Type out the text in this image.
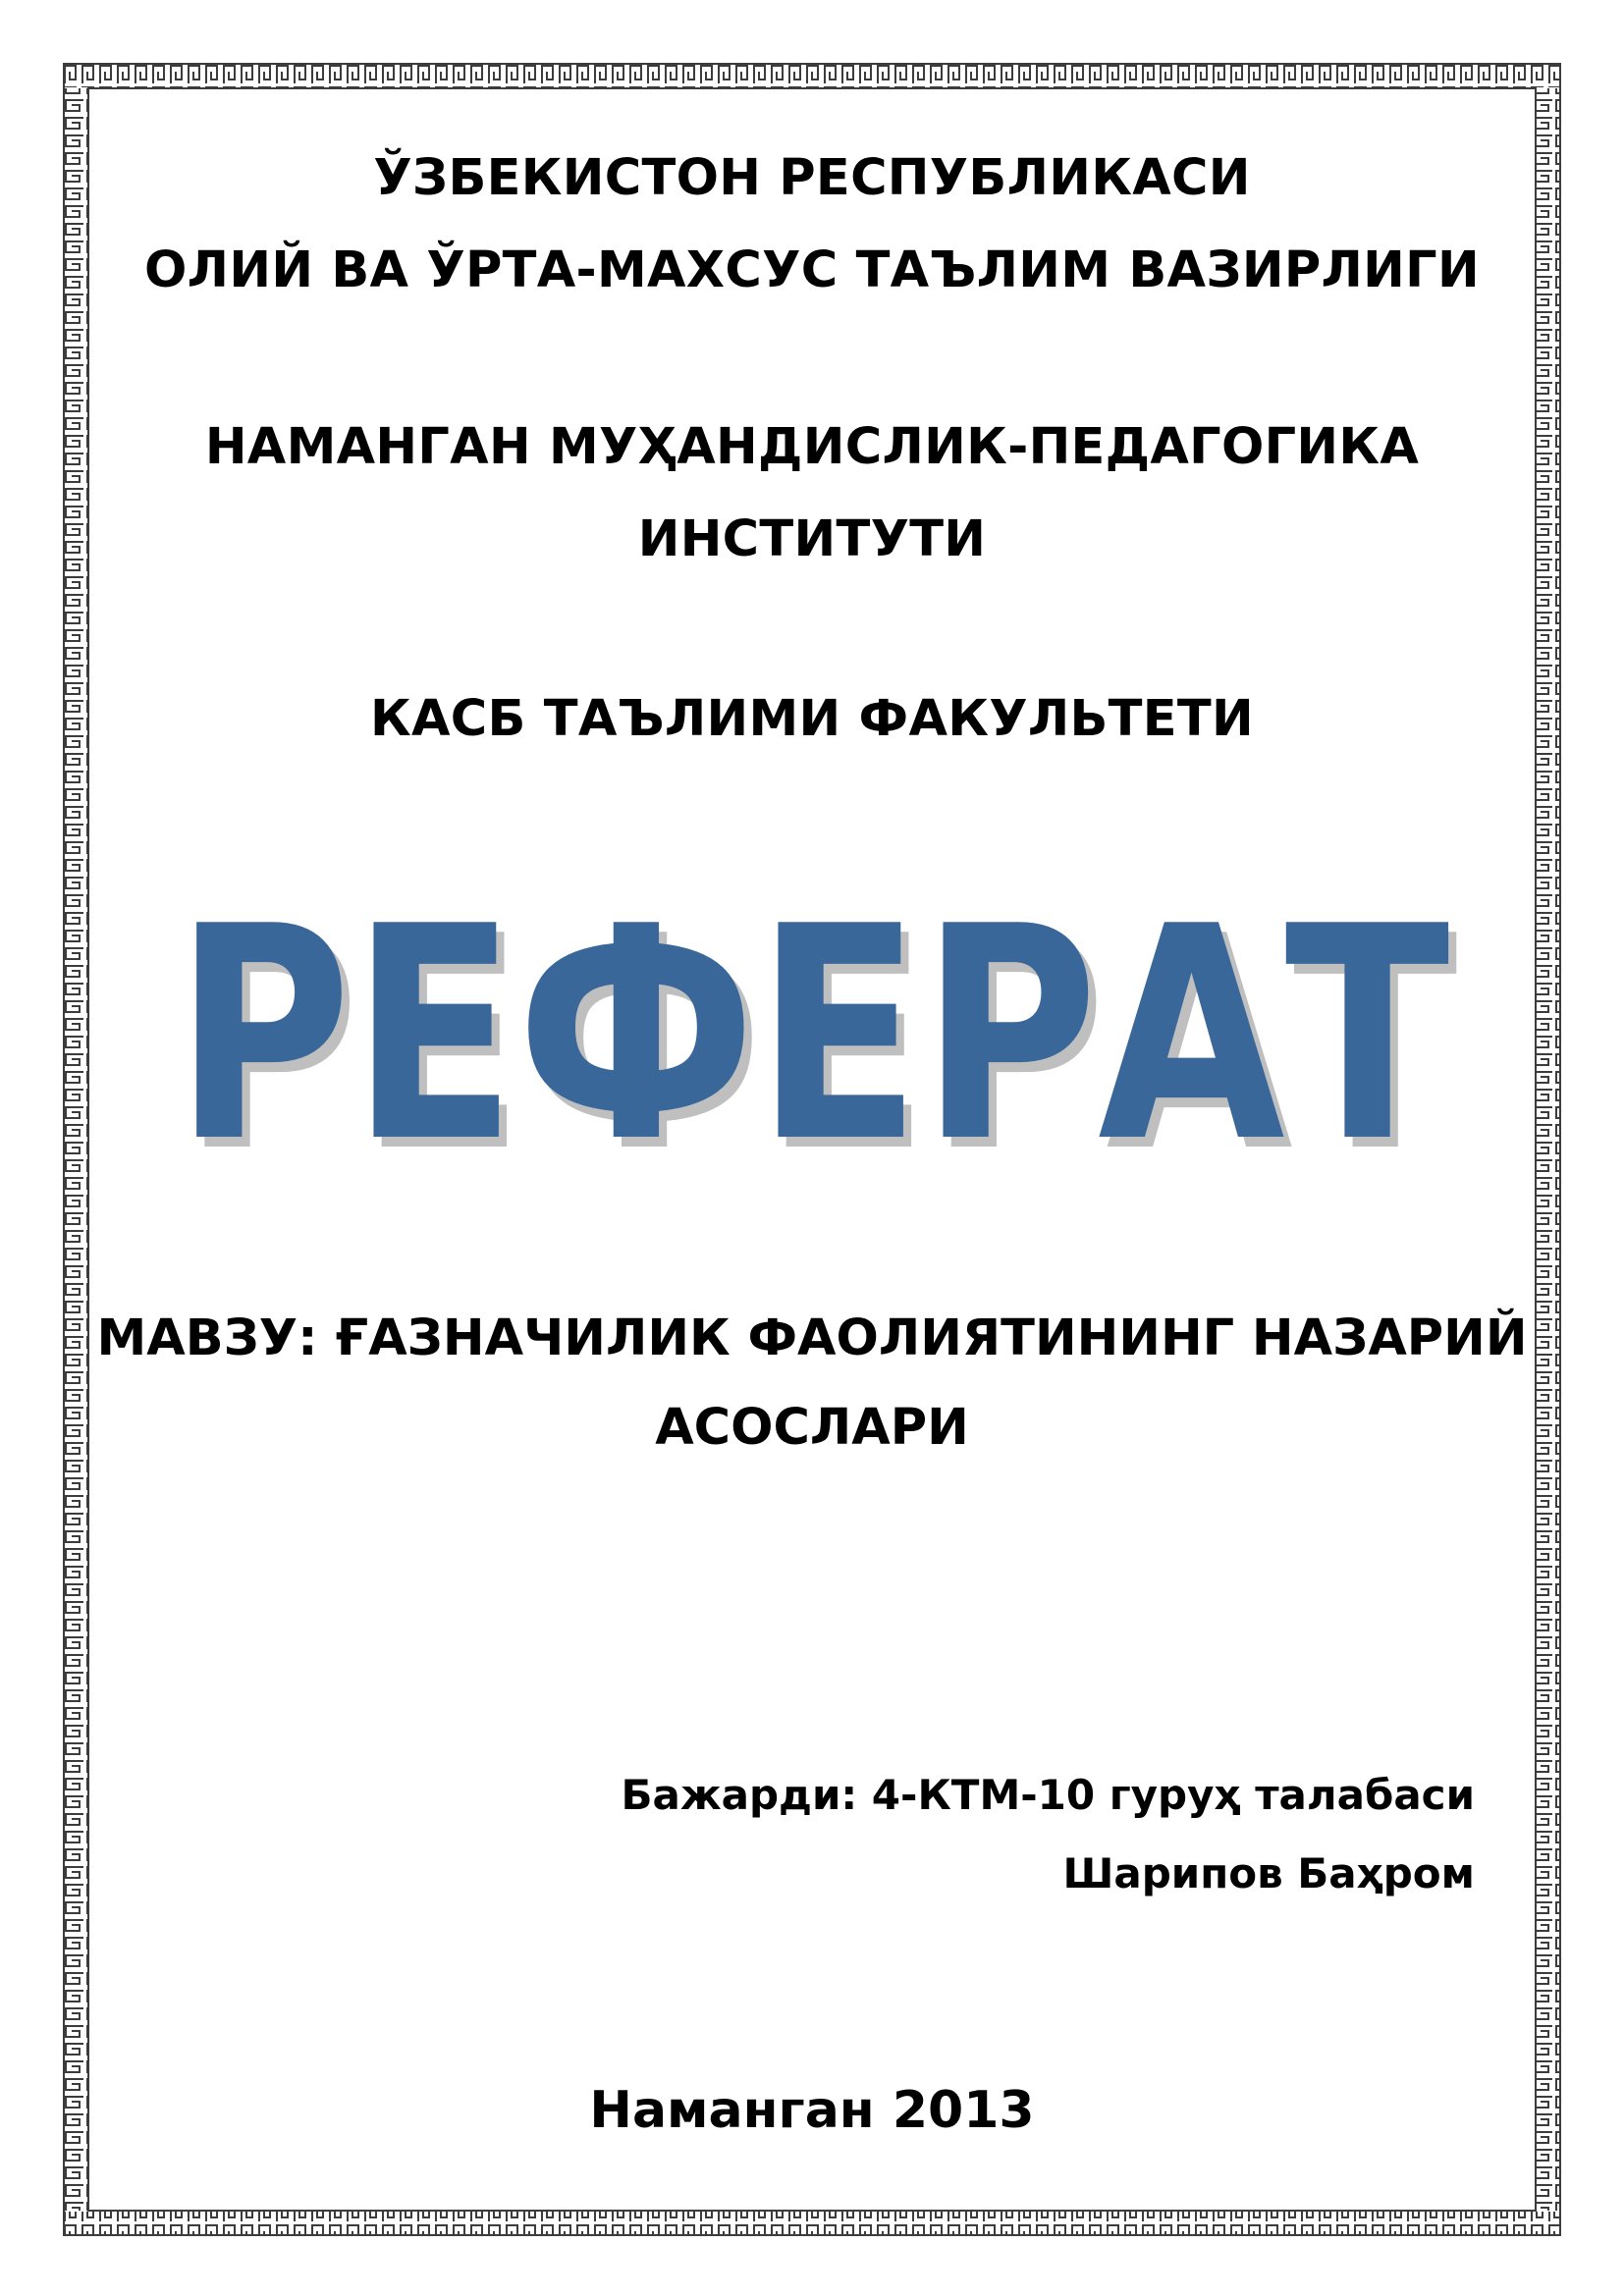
ЎЗБЕКИСТОН РЕСПУБЛИКАСИ
ОЛИЙ ВА ЎРТА-МАХСУС ТАЪЛИМ ВАЗИРЛИГИ
НАМАНГАН МУҲАНДИСЛИК-ПЕДАГОГИКА
ИНСТИТУТИ
КАСБ ТАЪЛИМИ ФАКУЛЬТЕТИ
РЕФЕРАТ
МАВЗУ: ҒАЗНАЧИЛИК ФАОЛИЯТИНИНГ НАЗАРИЙ
АСОСЛАРИ
Бажарди: 4-КТМ-10 гуруҳ талабаси
Шарипов Баҳром
Наманган 2013
